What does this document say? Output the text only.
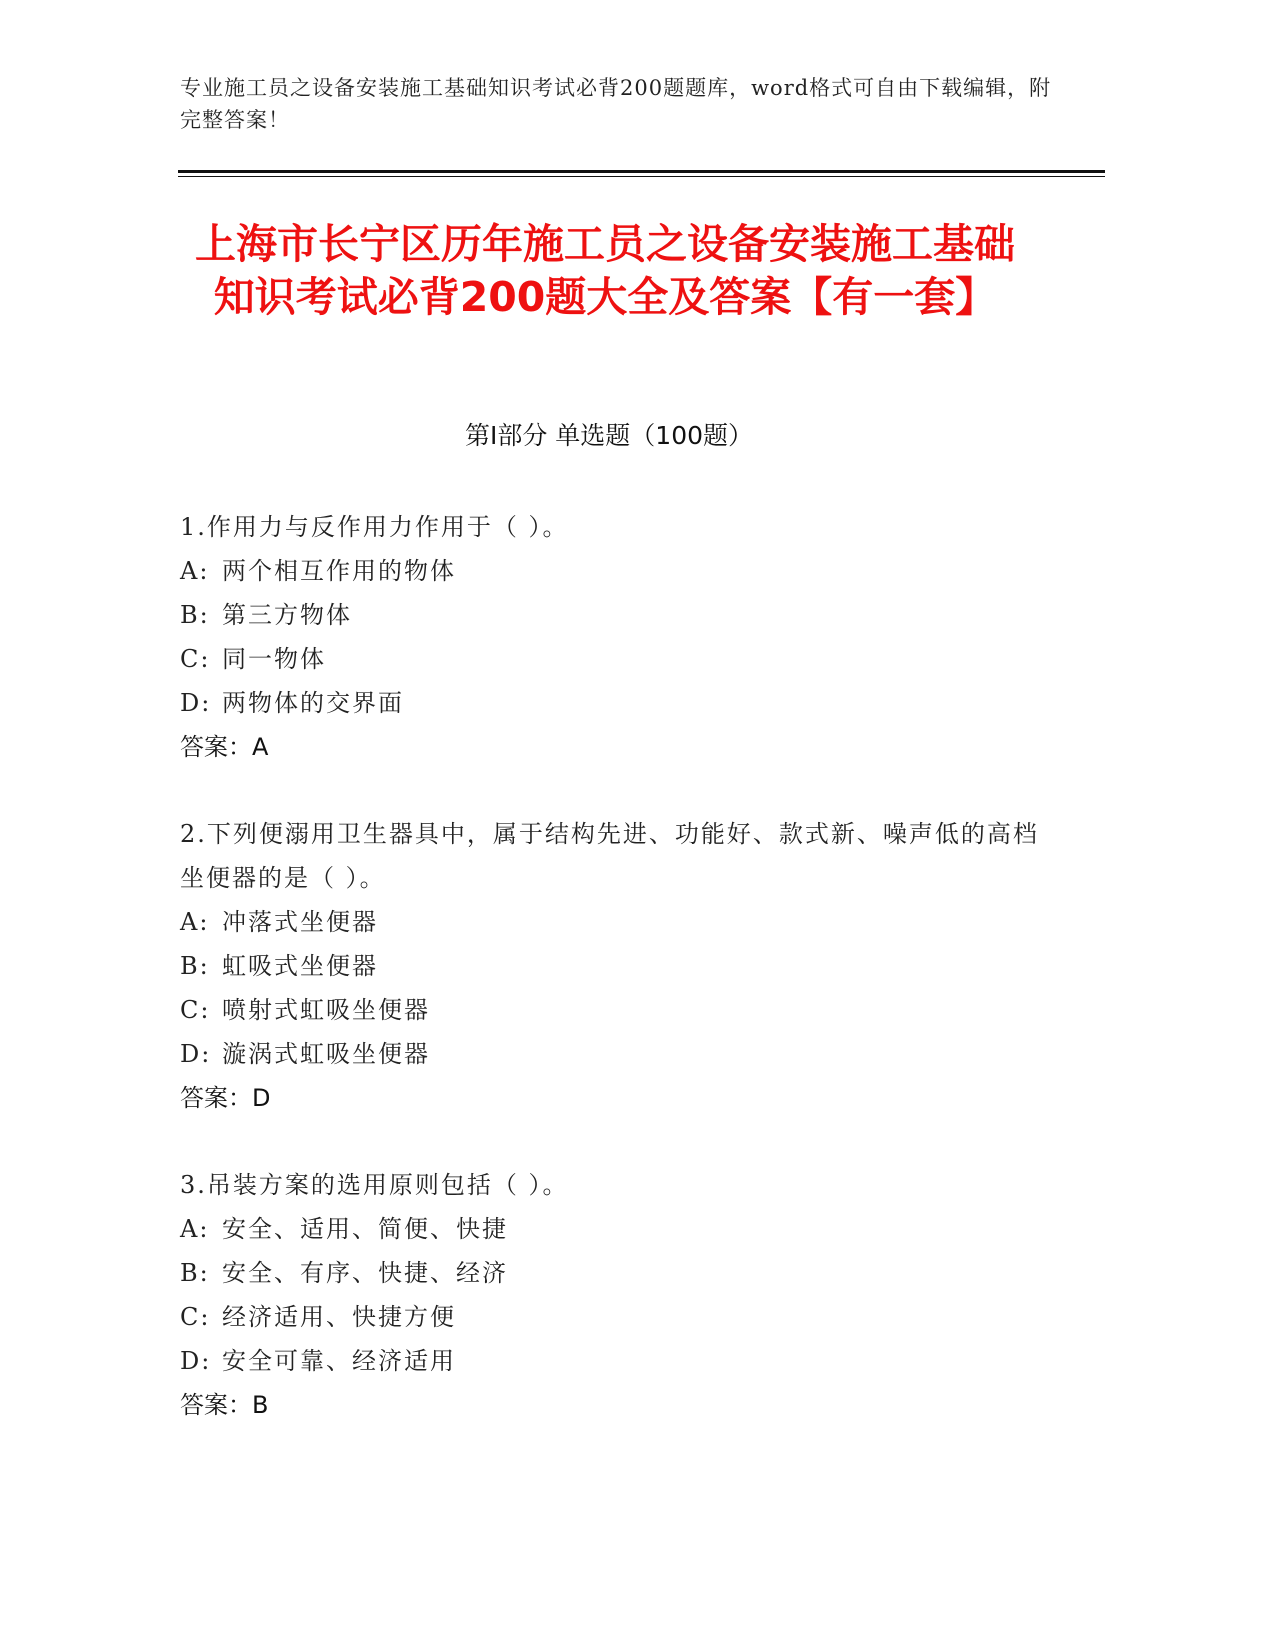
专业施工员之设备安装施工基础知识考试必背200题题库，word格式可自由下载编辑，附完整答案！
上海市长宁区历年施工员之设备安装施工基础知识考试必背200题大全及答案【有一套】
第Ⅰ部分 单选题（100题）
1.作用力与反作用力作用于（ ）。
A: 两个相互作用的物体
B: 第三方物体
C: 同一物体
D: 两物体的交界面
答案：A
2.下列便溺用卫生器具中，属于结构先进、功能好、款式新、噪声低的高档坐便器的是（ ）。
A: 冲落式坐便器
B: 虹吸式坐便器
C: 喷射式虹吸坐便器
D: 漩涡式虹吸坐便器
答案：D
3.吊装方案的选用原则包括（ ）。
A: 安全、适用、简便、快捷
B: 安全、有序、快捷、经济
C: 经济适用、快捷方便
D: 安全可靠、经济适用
答案：B
